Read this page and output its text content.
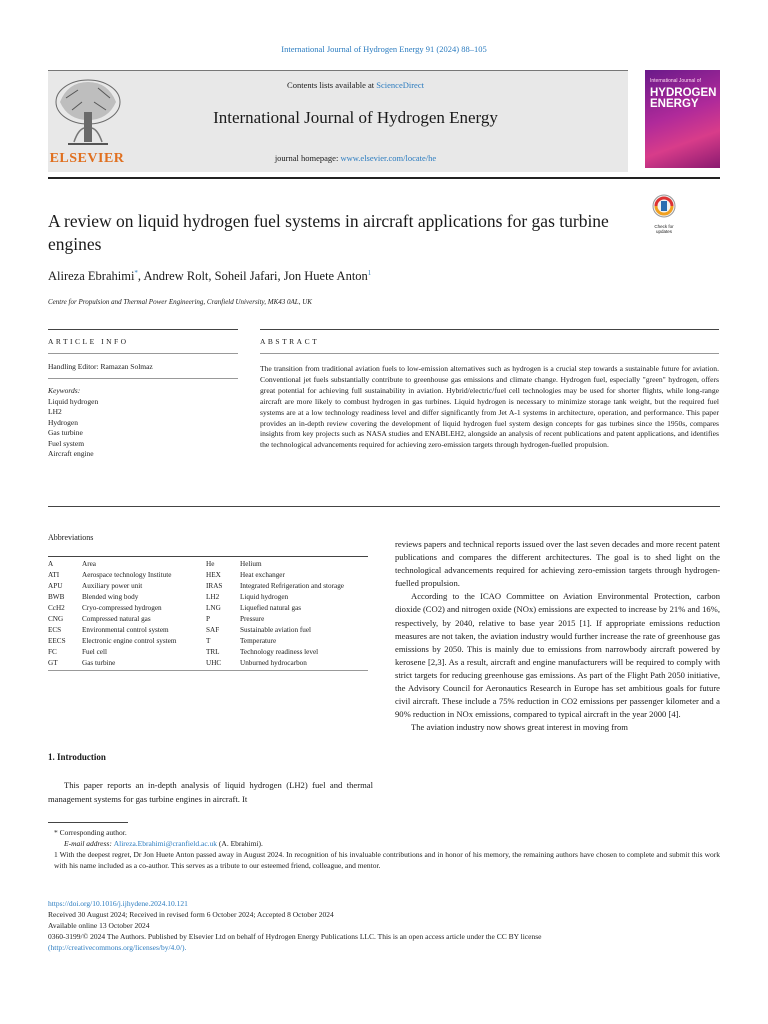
International Journal of Hydrogen Energy 91 (2024) 88–105
ELSEVIER
Contents lists available at ScienceDirect
International Journal of Hydrogen Energy
journal homepage: www.elsevier.com/locate/he
International Journal of
HYDROGEN
ENERGY
A review on liquid hydrogen fuel systems in aircraft applications for gas turbine engines
Check for updates
Alireza Ebrahimi*, Andrew Rolt, Soheil Jafari, Jon Huete Anton$^1$
Centre for Propulsion and Thermal Power Engineering, Cranfield University, MK43 0AL, UK
ARTICLE INFO	ABSTRACT
Handling Editor: Ramazan Solmaz
Keywords:
Liquid hydrogen
LH2
Hydrogen
Gas turbine
Fuel system
Aircraft engine
The transition from traditional aviation fuels to low-emission alternatives such as hydrogen is a crucial step towards a sustainable future for aviation. Conventional jet fuels substantially contribute to greenhouse gas emissions and climate change. Hydrogen fuel, especially "green" hydrogen, offers great potential for achieving full sustainability in aviation. Hybrid/electric/fuel cell technologies may be used for shorter flights, while long-range aircraft are more likely to combust hydrogen in gas turbines. Liquid hydrogen is necessary to minimize storage tank weight, but the required fuel systems are at a low technology readiness level and differ significantly from Jet A-1 systems in architecture, operation, and performance. This paper provides an in-depth review covering the development of liquid hydrogen fuel system design concepts for gas turbines since the 1950s, compares insights from key projects such as NASA studies and ENABLEH2, alongside an analysis of recent publications and patent applications, and identifies the technological advancements required for achieving zero-emission targets through hydrogen-fuelled propulsion.
Abbreviations
A	Area	He	Helium
ATI	Aerospace technology Institute	HEX	Heat exchanger
APU	Auxiliary power unit	IRAS	Integrated Refrigeration and storage
BWB	Blended wing body	LH2	Liquid hydrogen
CcH2	Cryo-compressed hydrogen	LNG	Liquefied natural gas
CNG	Compressed natural gas	P	Pressure
ECS	Environmental control system	SAF	Sustainable aviation fuel
EECS	Electronic engine control system	T	Temperature
FC	Fuel cell	TRL	Technology readiness level
GT	Gas turbine	UHC	Unburned hydrocarbon
1. Introduction

This paper reports an in-depth analysis of liquid hydrogen (LH2) fuel and thermal management systems for gas turbine engines in aircraft. It

reviews papers and technical reports issued over the last seven decades and more recent patent publications and compares the different architectures. The goal is to shed light on the technological advancements required for achieving zero-emission targets through hydrogen-fuelled propulsion.

According to the ICAO Committee on Aviation Environmental Protection, carbon dioxide (CO2) and nitrogen oxide (NOx) emissions are expected to increase by 21% and 16%, respectively, by 2040, relative to base year 2015 [1]. If appropriate emissions reduction measures are not taken, the aviation industry would further increase the rate of greenhouse gas emissions by 2050. This is mainly due to emissions from narrowbody aircraft powered by kerosene [2,3]. As a result, aircraft and engine manufacturers will be required to comply with strict targets for reducing greenhouse gas emissions. As part of the Flight Path 2050 initiative, the Advisory Council for Aeronautics Research in Europe has set ambitious goals for future civil aircraft. These include a 75% reduction in CO2 emissions per passenger kilometer and a 90% reduction in NOx emissions, compared to typical aircraft in the year 2000 [4].

The aviation industry now shows great interest in moving from

* Corresponding author.
E-mail address: Alireza.Ebrahimi@cranfield.ac.uk (A. Ebrahimi).
1 With the deepest regret, Dr Jon Huete Anton passed away in August 2024. In recognition of his invaluable contributions and in honor of his memory, the remaining authors have chosen to complete and submit this work with his name included as a co-author. This serves as a tribute to our esteemed friend, colleague, and mentor.
https://doi.org/10.1016/j.ijhydene.2024.10.121
Received 30 August 2024; Received in revised form 6 October 2024; Accepted 8 October 2024
Available online 13 October 2024
0360-3199/© 2024 The Authors. Published by Elsevier Ltd on behalf of Hydrogen Energy Publications LLC. This is an open access article under the CC BY license
(http://creativecommons.org/licenses/by/4.0/).
